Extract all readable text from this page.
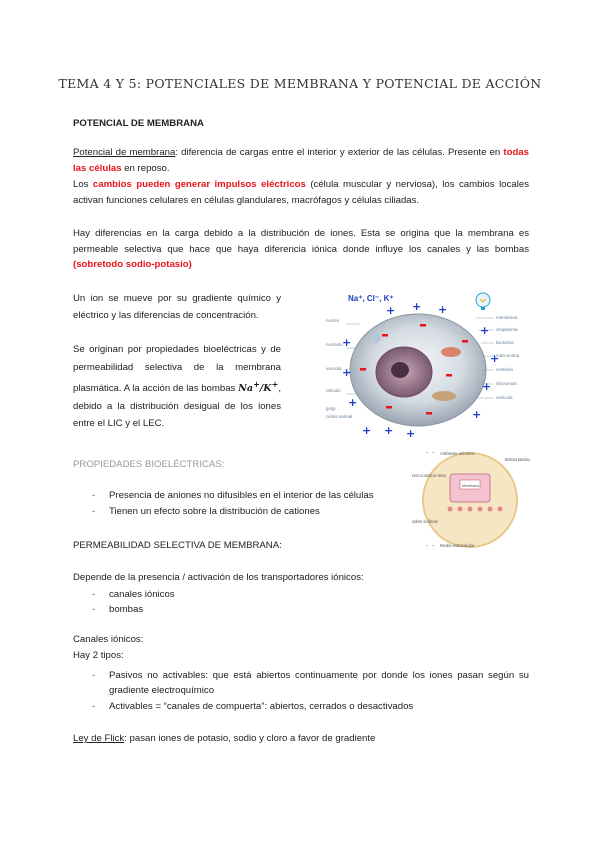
TEMA 4 Y 5: POTENCIALES DE MEMBRANA Y POTENCIAL DE ACCIÓN
POTENCIAL DE MEMBRANA
Potencial de membrana: diferencia de cargas entre el interior y exterior de las células. Presente en todas las células en reposo.
Los cambios pueden generar impulsos eléctricos (célula muscular y nerviosa), los cambios locales activan funciones celulares en células glandulares, macrófagos y células ciliadas.
Hay diferencias en la carga debido a la distribución de iones. Esta se origina que la membrana es permeable selectiva que hace que haya diferencia iónica donde influye los canales y las bombas (sobretodo sodio-potasio)
Un ion se mueve por su gradiente químico y eléctrico y las diferencias de concentración.
Se originan por propiedades bioeléctricas y de permeabilidad selectiva de la membrana plasmática. A la acción de las bombas Na+/K+, debido a la distribución desigual de los iones entre el LIC y el LEC.
Na⁺, Cl⁻, K⁺
membrana
citoplasma
lisosoma
mitocondria
centriolo
ribosomas
vesícula
nucleo
nucleolo
vacuola
retículo
golgi
célula animal
+ + +
+
+
+
+ + +
+
+
+
+
+ +
+ +
Ambiente eléctrico
Interno no activado por cationes
sobre la fibras
Membrana
Membrana plasmática
Medio extracelular
PROPIEDADES BIOELÉCTRICAS:
- Presencia de aniones no difusibles en el interior de las células
- Tienen un efecto sobre la distribución de cationes
PERMEABILIDAD SELECTIVA DE MEMBRANA:
Depende de la presencia / activación de los transportadores iónicos:
- canales iónicos
- bombas
Canales iónicos:
Hay 2 tipos:
-	Pasivos no activables: que está abiertos continuamente por donde los iones pasan según su gradiente electroquímico
- Activables = “canales de compuerta”: abiertos, cerrados o desactivados
Ley de Flick: pasan iones de potasio, sodio y cloro a favor de gradiente
